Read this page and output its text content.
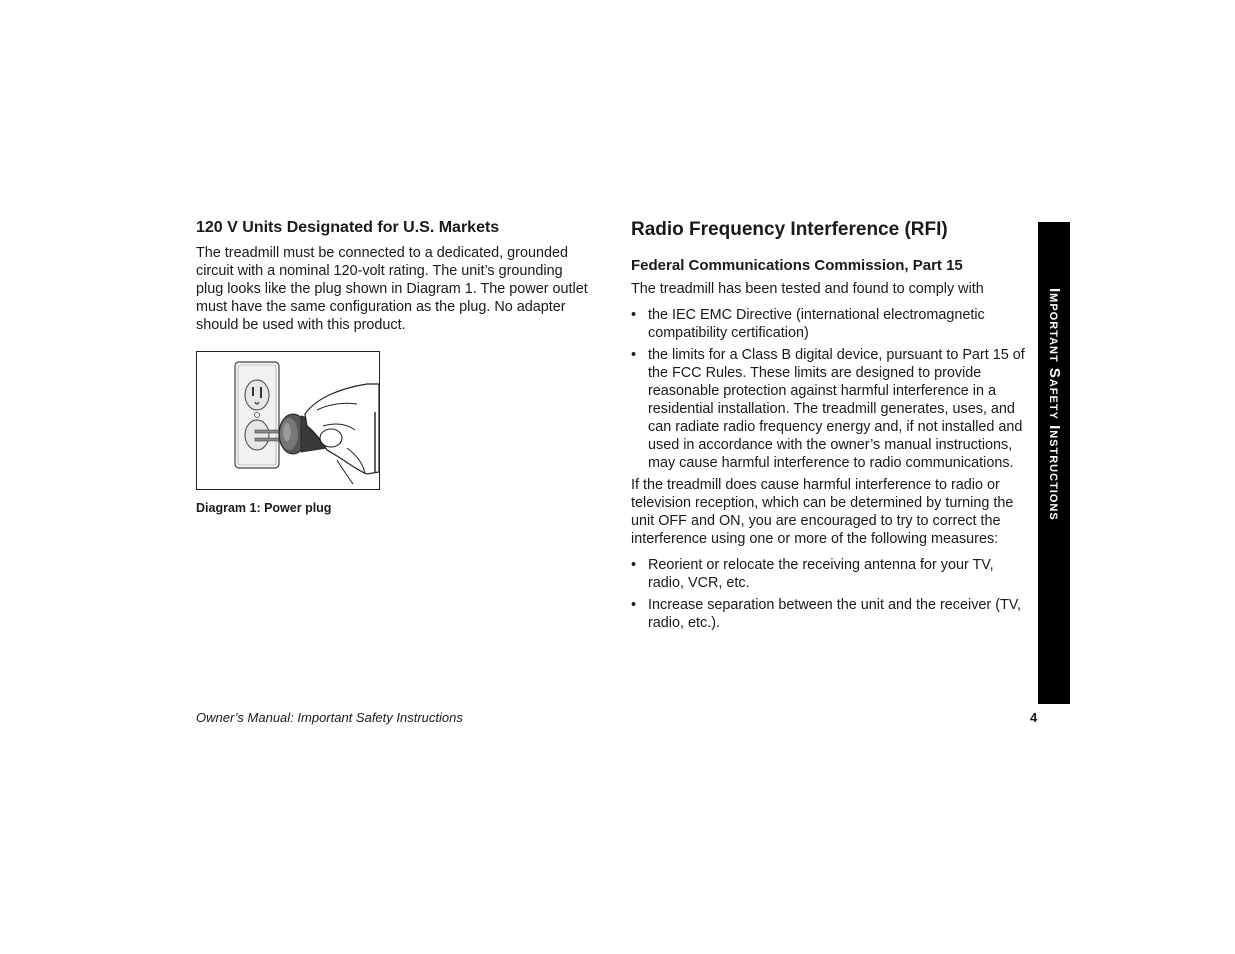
120 V Units Designated for U.S. Markets

The treadmill must be connected to a dedicated, grounded circuit with a nominal 120-volt rating. The unit’s grounding plug looks like the plug shown in Diagram 1. The power outlet must have the same configuration as the plug. No adapter should be used with this product.

Diagram 1: Power plug
Radio Frequency Interference (RFI)
Federal Communications Commission, Part 15

The treadmill has been tested and found to comply with

• the IEC EMC Directive (international electromagnetic compatibility certification)
• the limits for a Class B digital device, pursuant to Part 15 of the FCC Rules. These limits are designed to provide reasonable protection against harmful interference in a residential installation. The treadmill generates, uses, and can radiate radio frequency energy and, if not installed and used in accordance with the owner’s manual instructions, may cause harmful interference to radio communications.

If the treadmill does cause harmful interference to radio or television reception, which can be determined by turning the unit OFF and ON, you are encouraged to try to correct the interference using one or more of the following measures:

• Reorient or relocate the receiving antenna for your TV, radio, VCR, etc.
• Increase separation between the unit and the receiver (TV, radio, etc.).
Important Safety Instructions
Owner’s Manual: Important Safety Instructions	4
